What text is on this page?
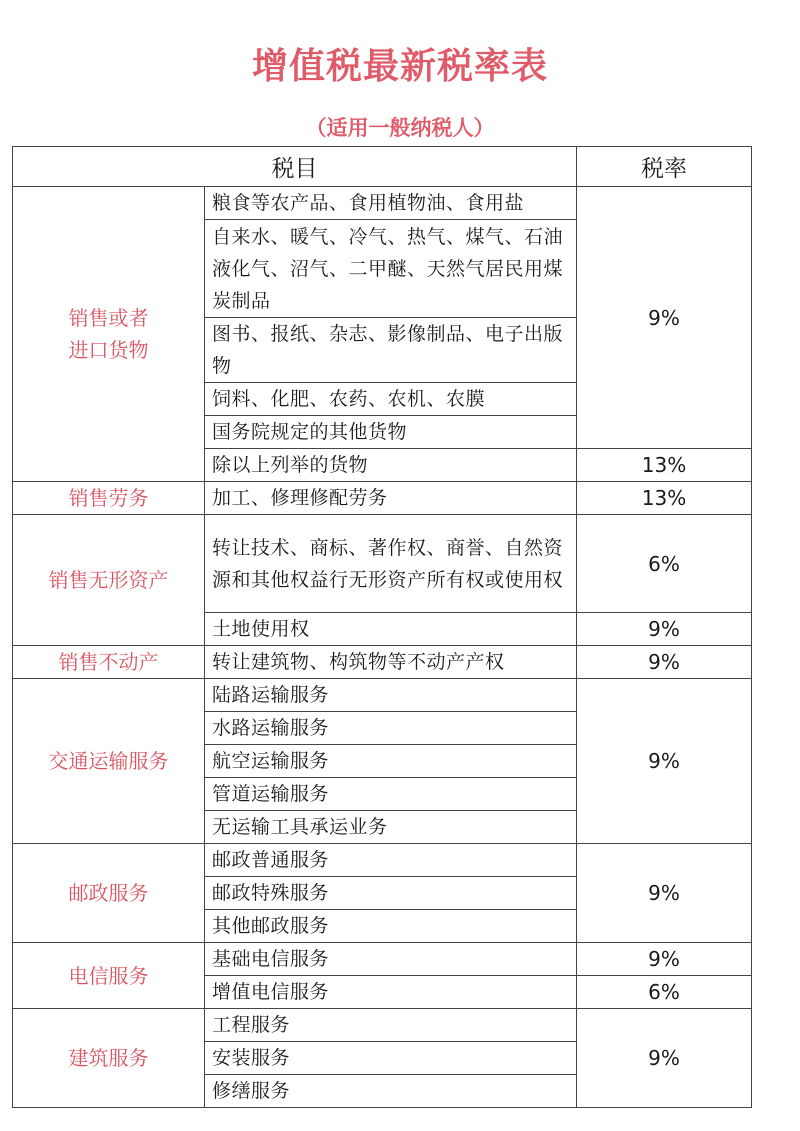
增值税最新税率表
（适用一般纳税人）
税目		税率
销售或者
进口货物	粮食等农产品、食用植物油、食用盐	9%
	自来水、暖气、冷气、热气、煤气、石油液化气、沼气、二甲醚、天然气居民用煤炭制品	
	图书、报纸、杂志、影像制品、电子出版物	
	饲料、化肥、农药、农机、农膜	
	国务院规定的其他货物	
	除以上列举的货物	13%
销售劳务	加工、修理修配劳务	13%
销售无形资产	转让技术、商标、著作权、商誉、自然资源和其他权益行无形资产所有权或使用权	6%
	土地使用权	9%
销售不动产	转让建筑物、构筑物等不动产产权	9%
交通运输服务	陆路运输服务	9%
	水路运输服务	
	航空运输服务	
	管道运输服务	
	无运输工具承运业务	
邮政服务	邮政普通服务	9%
	邮政特殊服务	
	其他邮政服务	
电信服务	基础电信服务	9%
	增值电信服务	6%
建筑服务	工程服务	9%
	安装服务	
	修缮服务	
